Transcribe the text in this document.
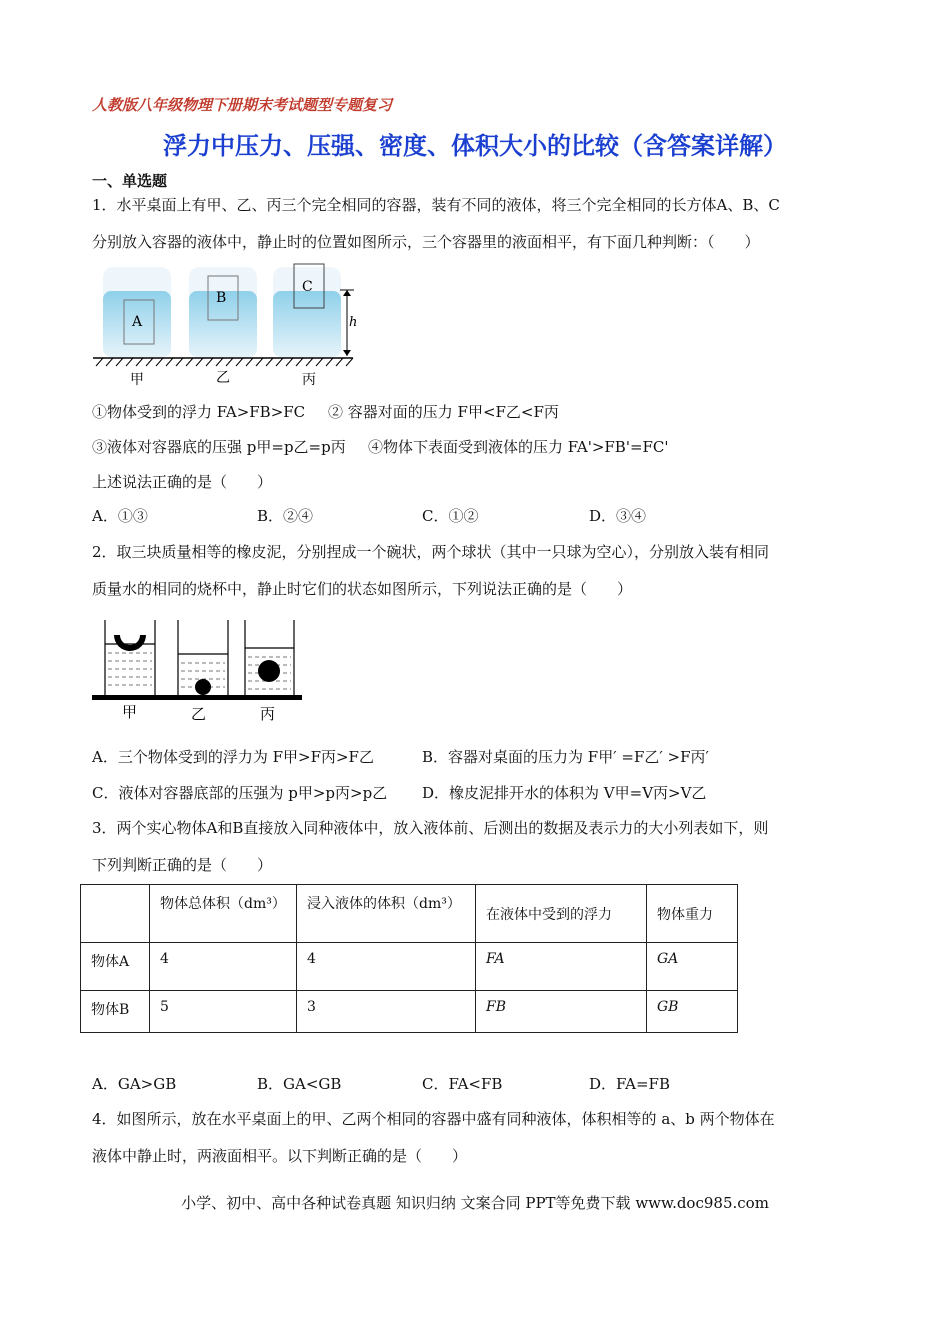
人教版八年级物理下册期末考试题型专题复习
浮力中压力、压强、密度、体积大小的比较（含答案详解）
一、单选题
1．水平桌面上有甲、乙、丙三个完全相同的容器，装有不同的液体，将三个完全相同的长方体A、B、C
分别放入容器的液体中，静止时的位置如图所示，三个容器里的液面相平，有下面几种判断：（　　）
A
B
C
h
甲	乙	丙
①物体受到的浮力 FA>FB>FC ② 容器对面的压力 F甲<F乙<F丙
③液体对容器底的压强 p甲=p乙=p丙 ④物体下表面受到液体的压力 FA'>FB'=FC'
上述说法正确的是（　　）
A．①③	B．②④	C．①②	D．③④
2．取三块质量相等的橡皮泥，分别捏成一个碗状，两个球状（其中一只球为空心），分别放入装有相同
质量水的相同的烧杯中，静止时它们的状态如图所示，下列说法正确的是（　　）
甲	乙	丙
A．三个物体受到的浮力为 F甲>F丙>F乙	B．容器对桌面的压力为 F甲′ =F乙′ >F丙′
C．液体对容器底部的压强为 p甲>p丙>p乙 D．橡皮泥排开水的体积为 V甲=V丙>V乙
3．两个实心物体A和B直接放入同种液体中，放入液体前、后测出的数据及表示力的大小列表如下，则
下列判断正确的是（　　）
	物体总体积（dm³）	浸入液体的体积（dm³）	在液体中受到的浮力	物体重力
物体A	4	4	FA	GA
物体B	5	3	FB	GB
A．GA>GB	B．GA<GB	C．FA<FB	D．FA=FB
4．如图所示，放在水平桌面上的甲、乙两个相同的容器中盛有同种液体，体积相等的 a、b 两个物体在
液体中静止时，两液面相平。以下判断正确的是（　　）
小学、初中、高中各种试卷真题 知识归纳 文案合同 PPT等免费下载 www.doc985.com
